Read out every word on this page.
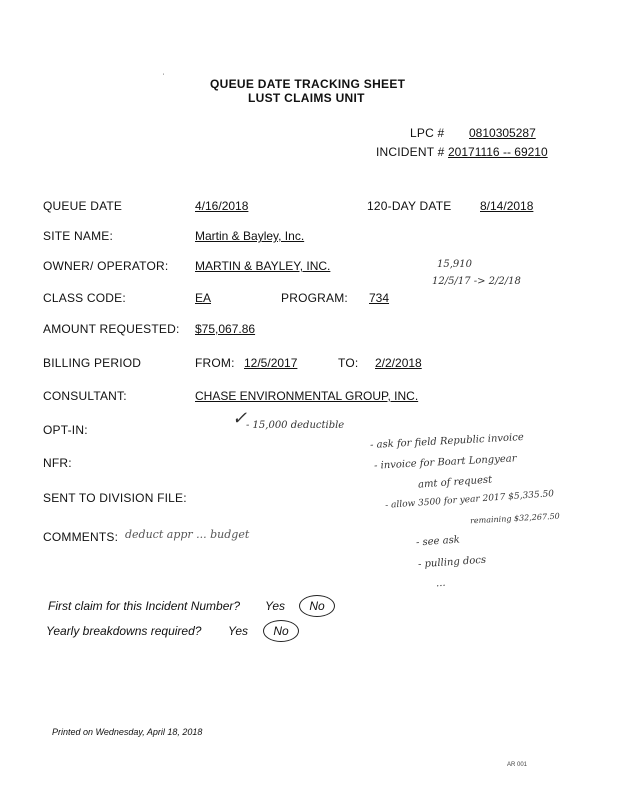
'	QUEUE DATE TRACKING SHEET
LUST CLAIMS UNIT
LPC # 0810305287
INCIDENT # 20171116 -- 69210
QUEUE DATE	4/16/2018	120-DAY DATE 8/14/2018
SITE NAME:	Martin & Bayley, Inc.
OWNER/ OPERATOR: MARTIN & BAYLEY, INC.	15,910
12/5/17 -> 2/2/18
CLASS CODE:	EA	PROGRAM: 734
AMOUNT REQUESTED: $75,067.86
BILLING PERIOD	FROM: 12/5/2017	TO: 2/2/2018
CONSULTANT:	CHASE ENVIRONMENTAL GROUP, INC.
OPT-IN:
✓
- 15,000 deductible
- ask for field Republic invoice
- invoice for Boart Longyear
amt of request
- allow 3500 for year 2017 $5,335.50
remaining $32,267.50
NFR:
SENT TO DIVISION FILE:
COMMENTS: deduct appr ... budget	- see ask
- pulling docs
...
First claim for this Incident Number? Yes	No
Yearly breakdowns required? Yes	No
Printed on Wednesday, April 18, 2018
AR 001
